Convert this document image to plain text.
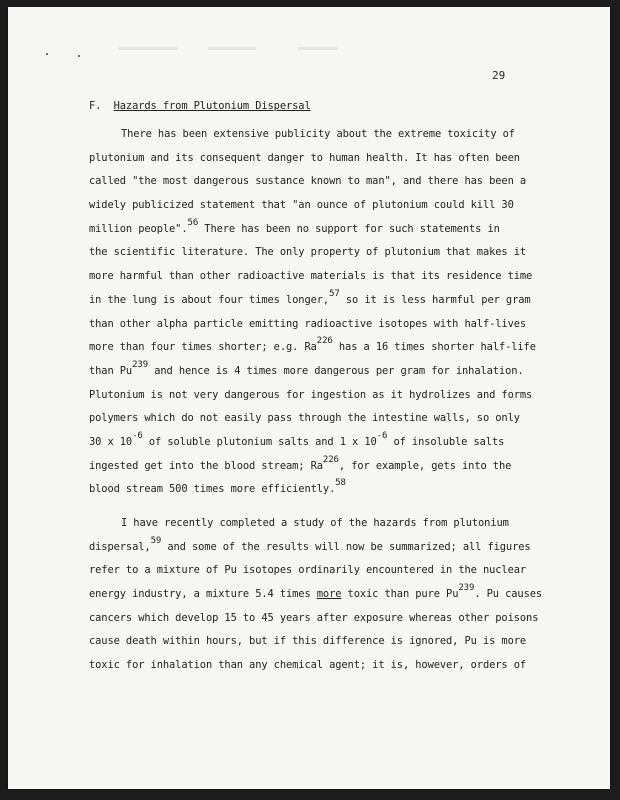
29
F. Hazards from Plutonium Dispersal
There has been extensive publicity about the extreme toxicity of
plutonium and its consequent danger to human health. It has often been
called "the most dangerous sustance known to man", and there has been a
widely publicized statement that "an ounce of plutonium could kill 30
million people".$^{56}$ There has been no support for such statements in
the scientific literature. The only property of plutonium that makes it
more harmful than other radioactive materials is that its residence time
in the lung is about four times longer,$^{57}$ so it is less harmful per gram
than other alpha particle emitting radioactive isotopes with half-lives
more than four times shorter; e.g. Ra$^{226}$ has a 16 times shorter half-life
than Pu$^{239}$ and hence is 4 times more dangerous per gram for inhalation.
Plutonium is not very dangerous for ingestion as it hydrolizes and forms
polymers which do not easily pass through the intestine walls, so only
30 x $10^{-6}$ of soluble plutonium salts and 1 x $10^{-6}$ of insoluble salts
ingested get into the blood stream; Ra$^{226}$, for example, gets into the
blood stream 500 times more efficiently.$^{58}$
I have recently completed a study of the hazards from plutonium
dispersal,$^{59}$ and some of the results will now be summarized; all figures
refer to a mixture of Pu isotopes ordinarily encountered in the nuclear
energy industry, a mixture 5.4 times more toxic than pure Pu$^{239}$. Pu causes
cancers which develop 15 to 45 years after exposure whereas other poisons
cause death within hours, but if this difference is ignored, Pu is more
toxic for inhalation than any chemical agent; it is, however, orders of
